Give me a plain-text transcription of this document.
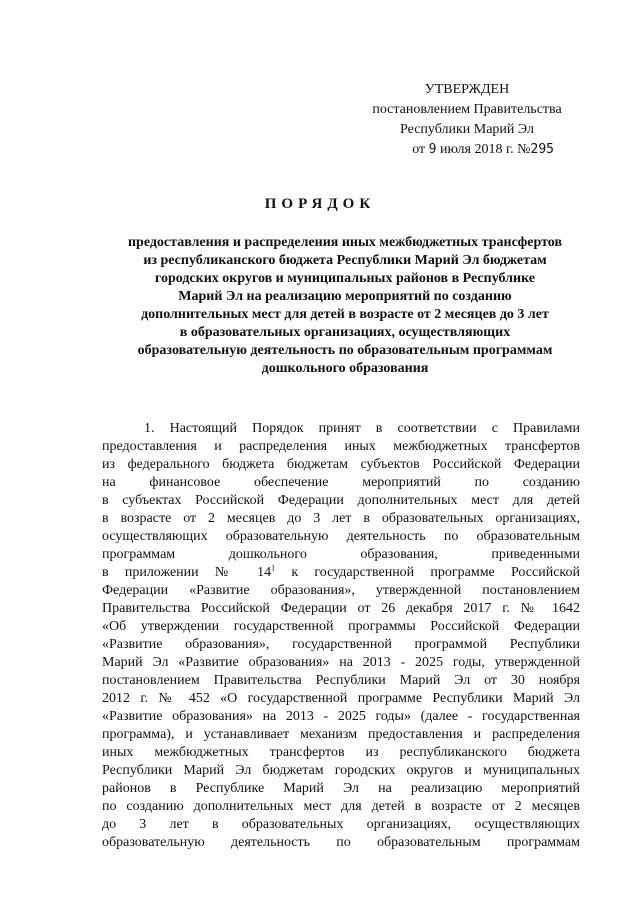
УТВЕРЖДЕН
постановлением Правительства
Республики Марий Эл
от 9 июля 2018 г. №295
ПОРЯДОК
предоставления и распределения иных межбюджетных трансфертов
из республиканского бюджета Республики Марий Эл бюджетам
городских округов и муниципальных районов в Республике
Марий Эл на реализацию мероприятий по созданию
дополнительных мест для детей в возрасте от 2 месяцев до 3 лет
в образовательных организациях, осуществляющих
образовательную деятельность по образовательным программам
дошкольного образования
1. Настоящий Порядок принят в соответствии с Правилами
предоставления и распределения иных межбюджетных трансфертов
из федерального бюджета бюджетам субъектов Российской Федерации
на финансовое обеспечение мероприятий по созданию
в субъектах Российской Федерации дополнительных мест для детей
в возрасте от 2 месяцев до 3 лет в образовательных организациях,
осуществляющих образовательную деятельность по образовательным
программам дошкольного образования, приведенными
в приложении № $14^1$ к государственной программе Российской
Федерации «Развитие образования», утвержденной постановлением
Правительства Российской Федерации от 26 декабря 2017 г. № 1642
«Об утверждении государственной программы Российской Федерации
«Развитие образования», государственной программой Республики
Марий Эл «Развитие образования» на 2013 - 2025 годы, утвержденной
постановлением Правительства Республики Марий Эл от 30 ноября
2012 г. № 452 «О государственной программе Республики Марий Эл
«Развитие образования» на 2013 - 2025 годы» (далее - государственная
программа), и устанавливает механизм предоставления и распределения
иных межбюджетных трансфертов из республиканского бюджета
Республики Марий Эл бюджетам городских округов и муниципальных
районов в Республике Марий Эл на реализацию мероприятий
по созданию дополнительных мест для детей в возрасте от 2 месяцев
до 3 лет в образовательных организациях, осуществляющих
образовательную деятельность по образовательным программам
